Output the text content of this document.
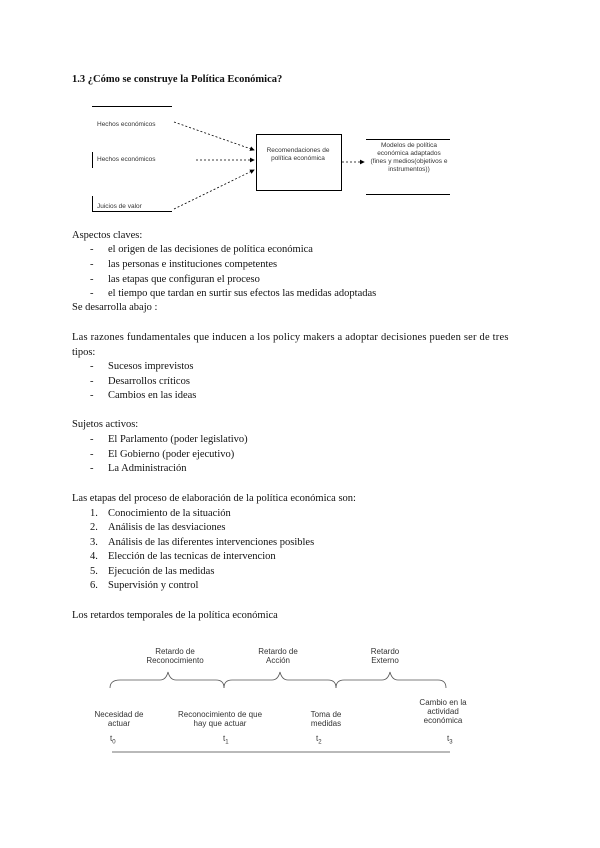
1.3 ¿Cómo se construye la Política Económica?
Hechos económicos
Hechos económicos
Juicios de valor
Recomendaciones de política económica
Modelos de política económica adaptados (fines y medios(objetivos e instrumentos))
Aspectos claves:
- el origen de las decisiones de política económica
- las personas e instituciones competentes
- las etapas que configuran el proceso
- el tiempo que tardan en surtir sus efectos las medidas adoptadas
Se desarrolla abajo :
Las razones fundamentales que inducen a los policy makers a adoptar decisiones pueden ser de tres
tipos:
- Sucesos imprevistos
- Desarrollos críticos
- Cambios en las ideas
Sujetos activos:
- El Parlamento (poder legislativo)
- El Gobierno (poder ejecutivo)
- La Administración
Las etapas del proceso de elaboración de la política económica son:
1. Conocimiento de la situación
2. Análisis de las desviaciones
3. Análisis de las diferentes intervenciones posibles
4. Elección de las tecnicas de intervencion
5. Ejecución de las medidas
6. Supervisión y control
Los retardos temporales de la política económica
Retardo de
Reconocimiento
Retardo de
Acción
Retardo
Externo
Necesidad de
actuar
Reconocimiento de que
hay que actuar
Toma de
medidas
Cambio en la
actividad
económica
$t_0$	$t_1$	$t_2$	$t_3$
